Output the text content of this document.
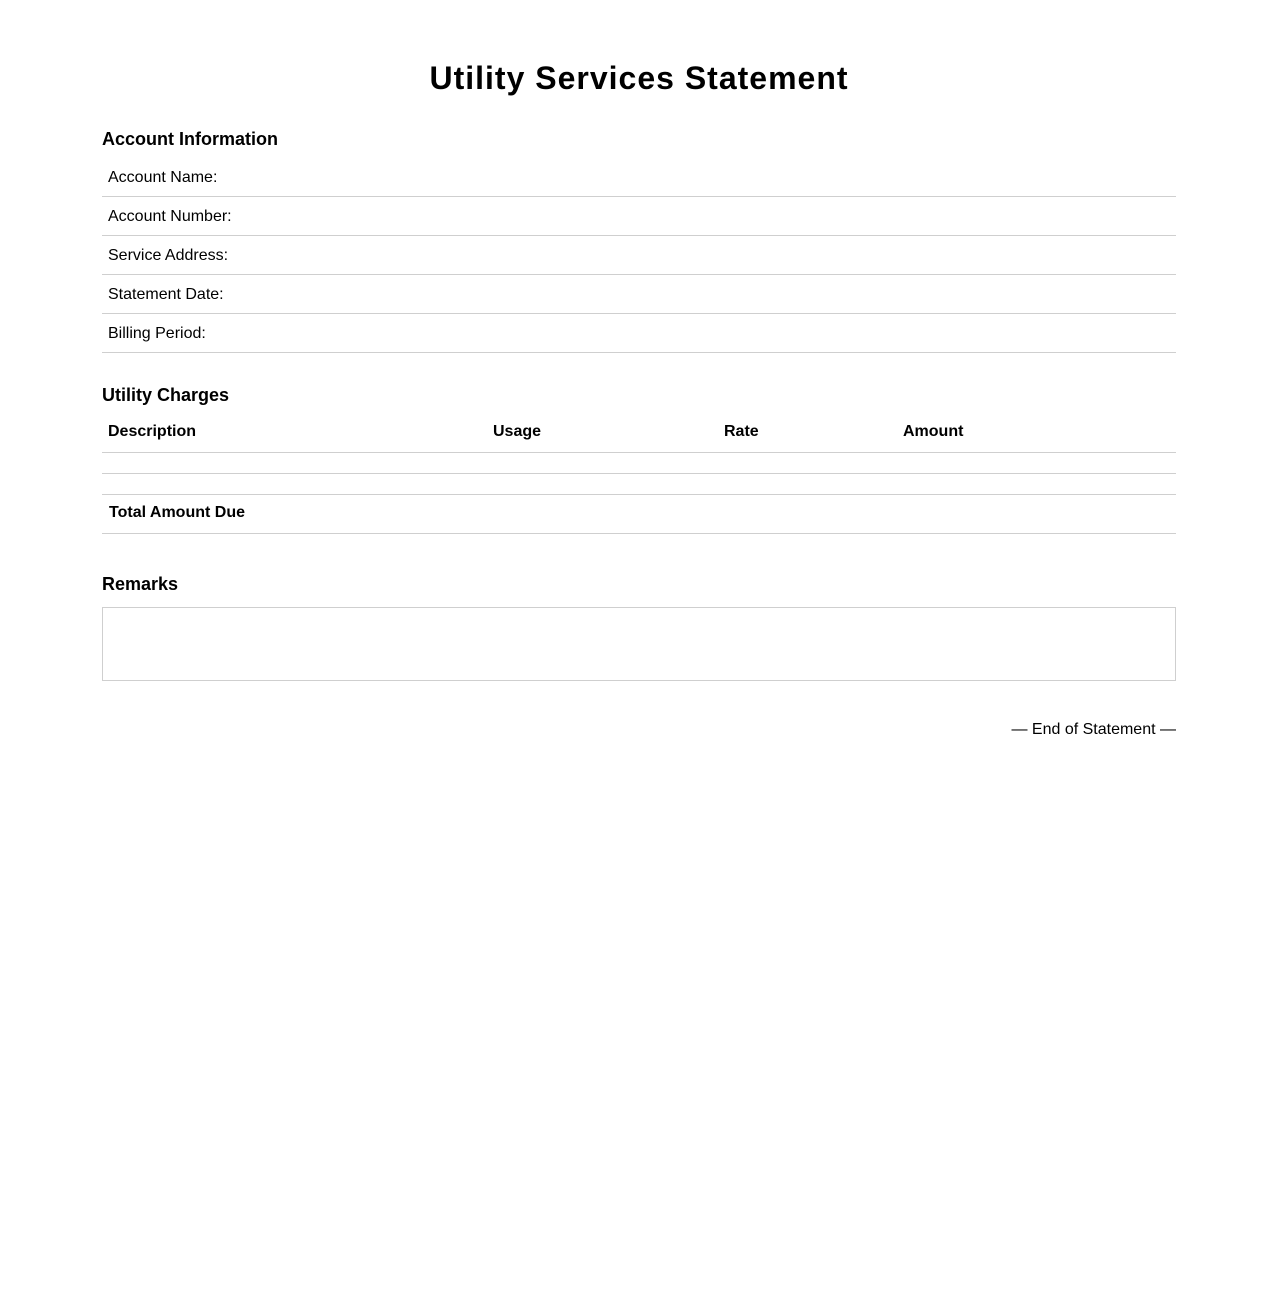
Utility Services Statement
Account Information
Account Name:
Account Number:
Service Address:
Statement Date:
Billing Period:
Utility Charges
Description	Usage	Rate	Amount
Total Amount Due
Remarks
— End of Statement —
